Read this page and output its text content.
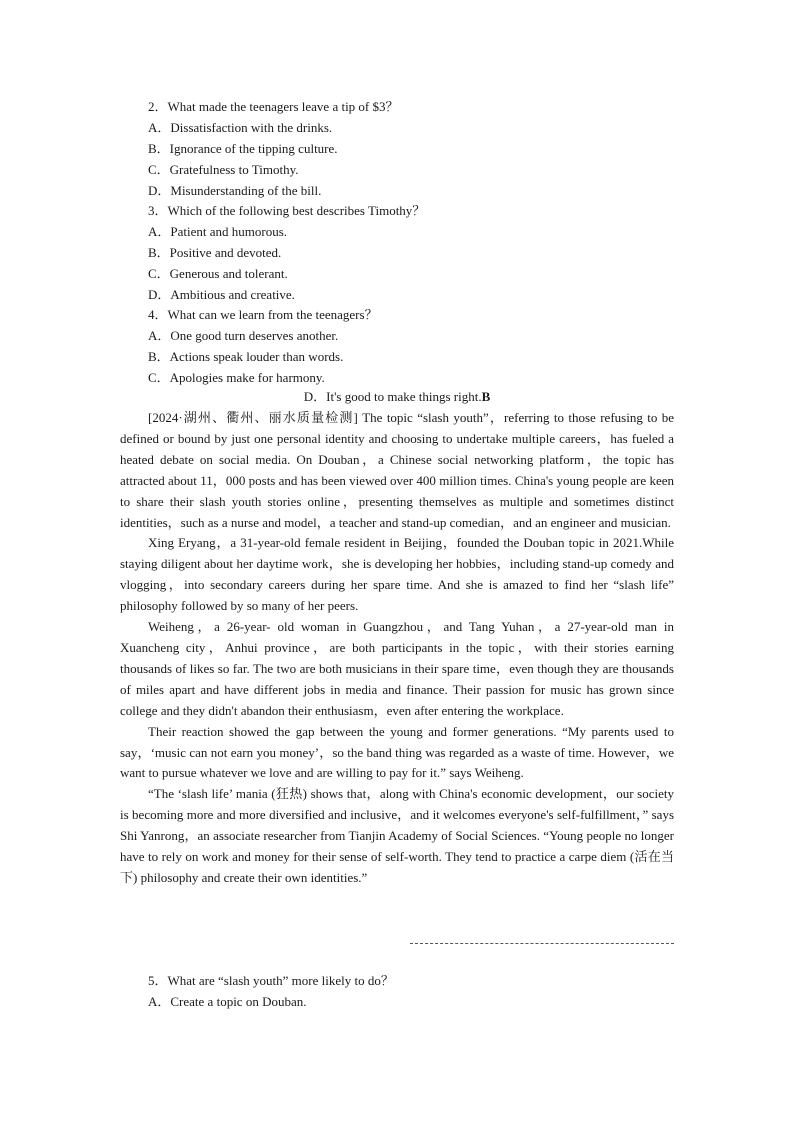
2．What made the teenagers leave a tip of $3？
A．Dissatisfaction with the drinks.
B．Ignorance of the tipping culture.
C．Gratefulness to Timothy.
D．Misunderstanding of the bill.
3．Which of the following best describes Timothy？
A．Patient and humorous.
B．Positive and devoted.
C．Generous and tolerant.
D．Ambitious and creative.
4．What can we learn from the teenagers？
A．One good turn deserves another.
B．Actions speak louder than words.
C．Apologies make for harmony.
D．It's good to make things right.B

[2024·湖州、衢州、丽水质量检测] The topic “slash youth”，referring to those refusing to be defined or bound by just one personal identity and choosing to undertake multiple careers，has fueled a heated debate on social media. On Douban，a Chinese social networking platform，the topic has attracted about 11，000 posts and has been viewed over 400 million times. China's young people are keen to share their slash youth stories online，presenting themselves as multiple and sometimes distinct identities，such as a nurse and model，a teacher and stand-up comedian，and an engineer and musician.

Xing Eryang，a 31-year-old female resident in Beijing，founded the Douban topic in 2021.While staying diligent about her daytime work，she is developing her hobbies，including stand-up comedy and vlogging，into secondary careers during her spare time. And she is amazed to find her “slash life” philosophy followed by so many of her peers.

Weiheng，a 26-year- old woman in Guangzhou，and Tang Yuhan，a 27-year-old man in Xuancheng city，Anhui province，are both participants in the topic，with their stories earning thousands of likes so far. The two are both musicians in their spare time，even though they are thousands of miles apart and have different jobs in media and finance. Their passion for music has grown since college and they didn't abandon their enthusiasm，even after entering the workplace.

Their reaction showed the gap between the young and former generations. “My parents used to say，‘music can not earn you money’，so the band thing was regarded as a waste of time. However，we want to pursue whatever we love and are willing to pay for it.” says Weiheng.

“The ‘slash life’ mania (狂热) shows that，along with China's economic development，our society is becoming more and more diversified and inclusive，and it welcomes everyone's self-fulfillment，” says Shi Yanrong，an associate researcher from Tianjin Academy of Social Sciences. “Young people no longer have to rely on work and money for their sense of self-worth. They tend to practice a carpe diem (活在当下) philosophy and create their own identities.”

5．What are “slash youth” more likely to do？
A．Create a topic on Douban.
